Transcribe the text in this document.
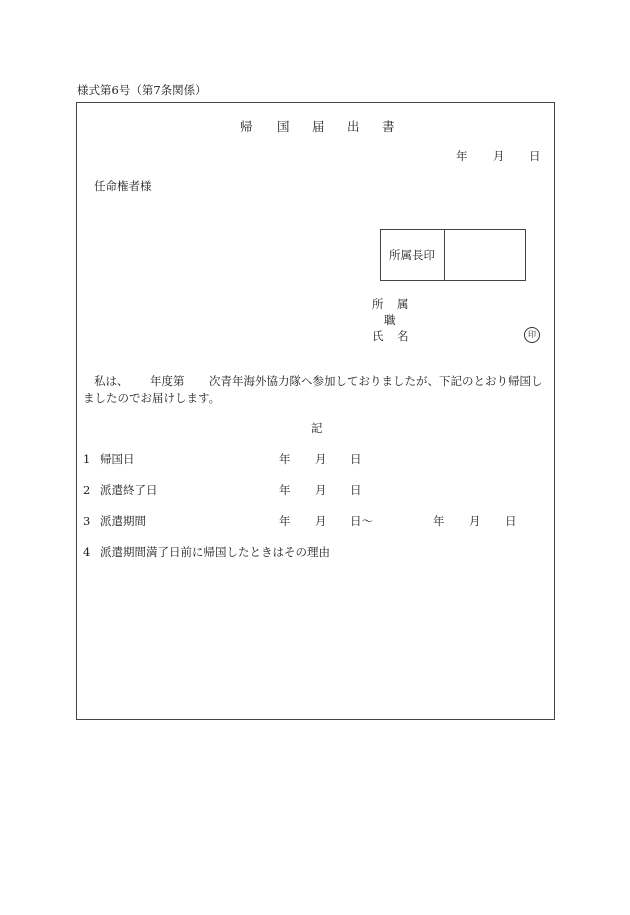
様式第6号（第7条関係）
帰 国 届 出 書
年 月 日
任命権者様
所属長印
所 属
職
氏 名	印
私は、 年度第 次青年海外協力隊へ参加しておりましたが、下記のとおり帰国し
ましたのでお届けします。
記
1 帰国日	年 月 日
2 派遣終了日	年 月 日
3 派遣期間	年 月 日〜	年 月 日
4 派遣期間満了日前に帰国したときはその理由
